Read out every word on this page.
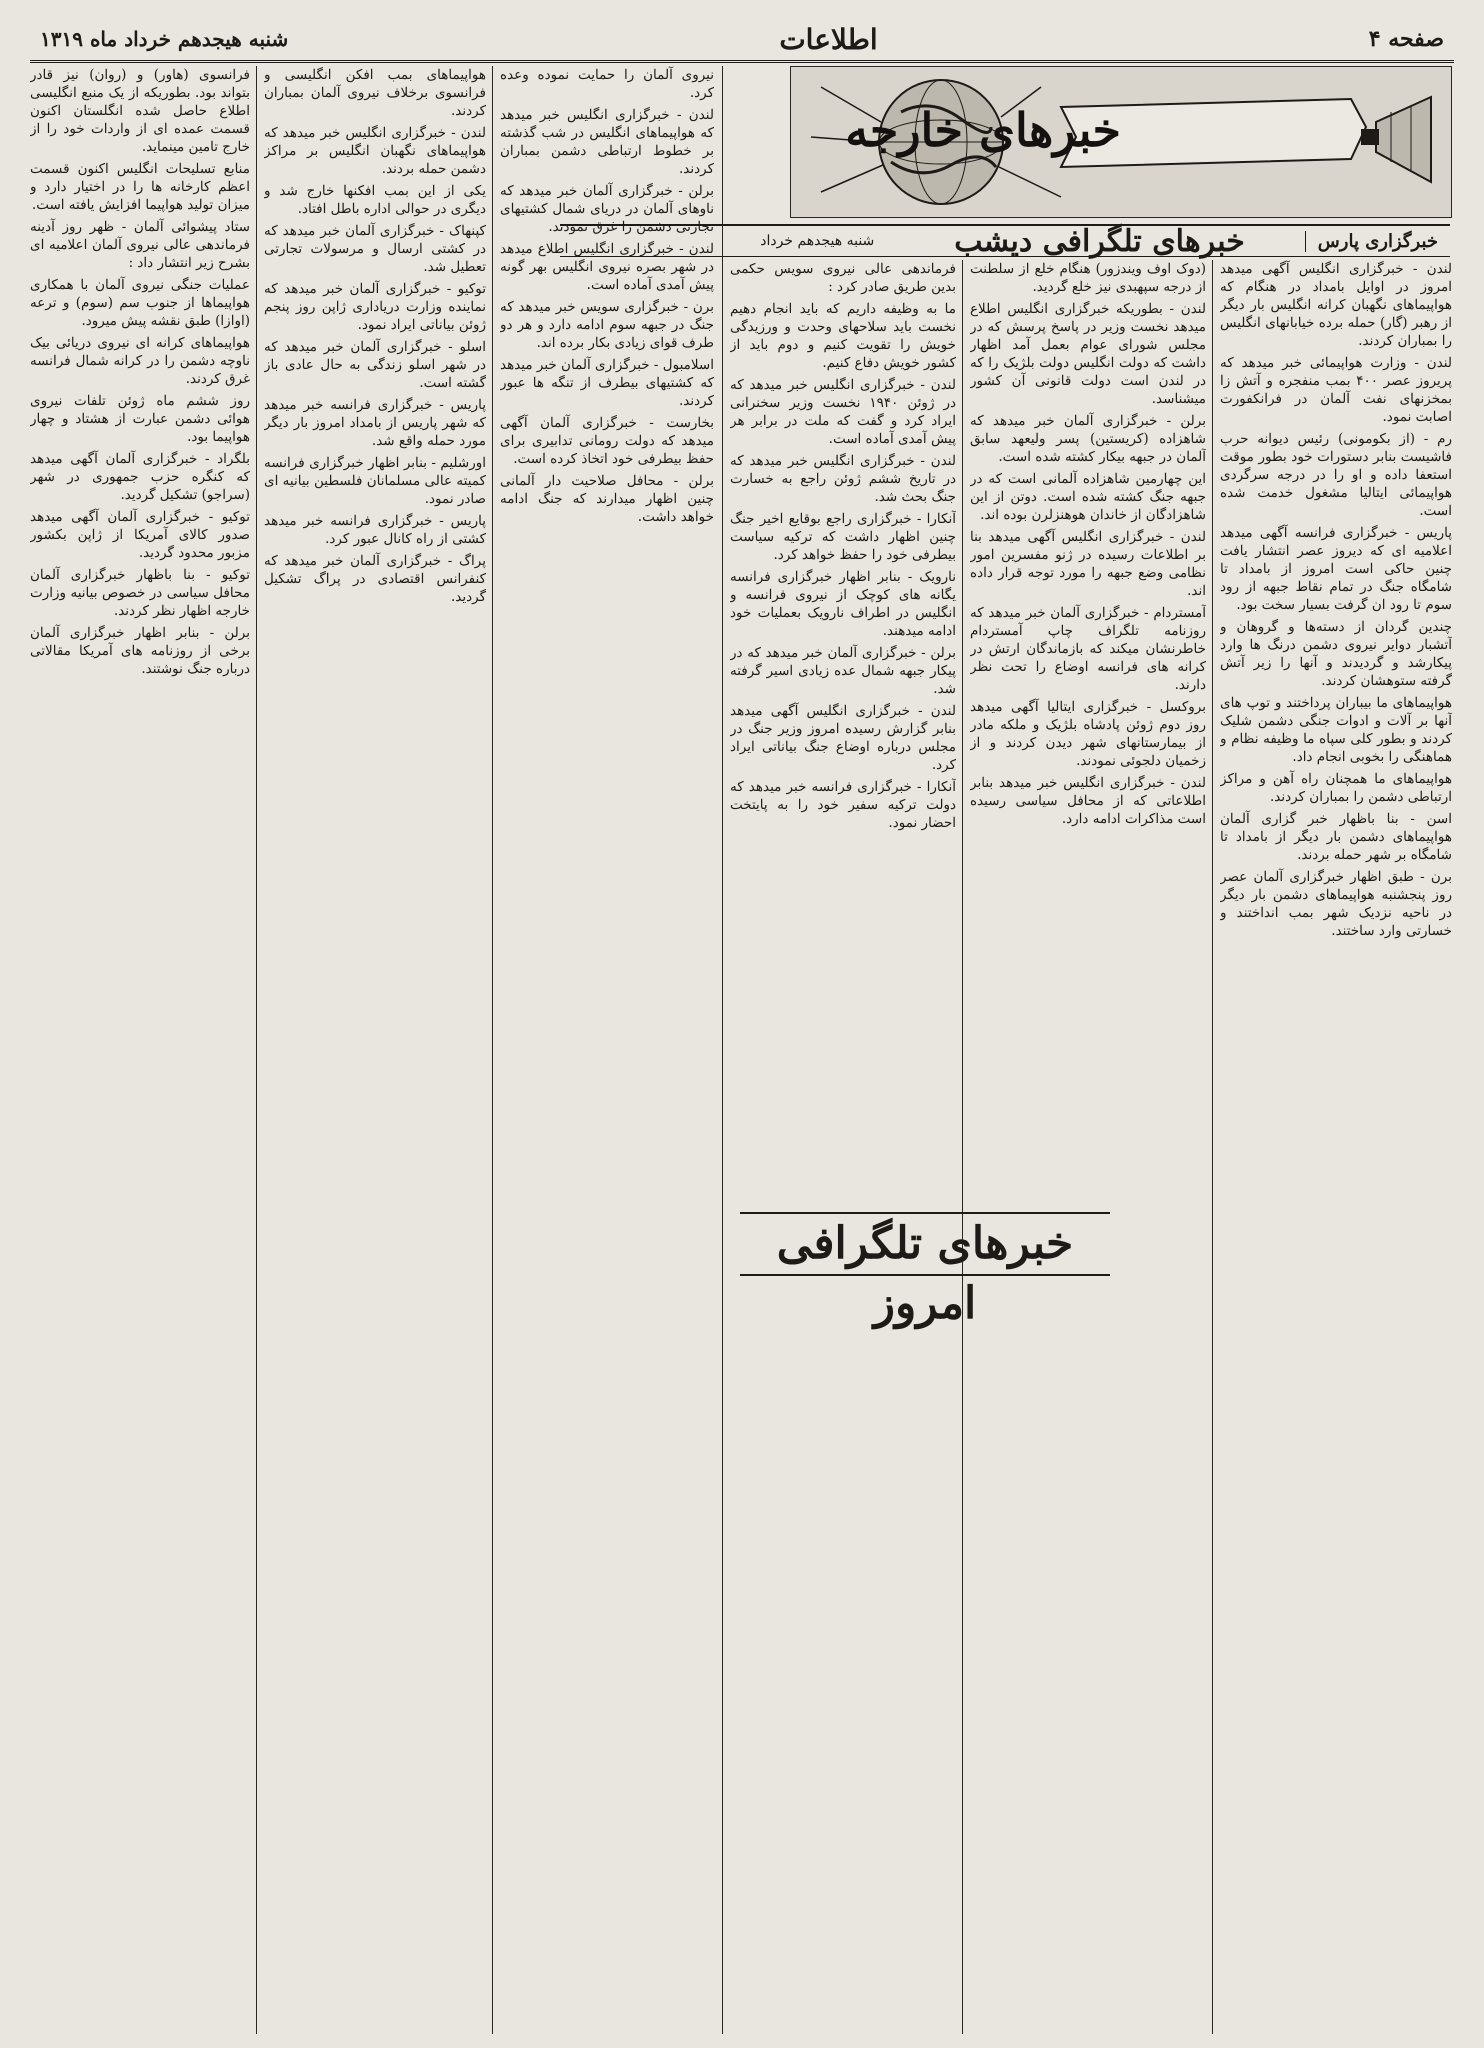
صفحه ۴
اطلاعات
شنبه هیجدهم خرداد ماه ۱۳۱۹
خبرهای خارجه
خبرگزاری پارس
خبرهای تلگرافی دیشب
شنبه هیجدهم خرداد

لندن - خبرگزاری انگلیس آگهی میدهد امروز در اوایل بامداد در هنگام که هواپیماهای نگهبان کرانه انگلیس بار دیگر از رهبر (گار) حمله برده خیابانهای انگلیس را بمباران کردند.

لندن - وزارت هواپیمائی خبر میدهد که پریروز عصر ۴۰۰ بمب منفجره و آتش زا بمخزنهای نفت آلمان در فرانکفورت اصابت نمود.

رم - (از بکومونی) رئیس دیوانه حرب فاشیست بنابر دستورات خود بطور موقت استعفا داده و او را در درجه سرگردی هواپیمائی ایتالیا مشغول خدمت شده است.

پاریس - خبرگزاری فرانسه آگهی میدهد اعلامیه ای که دیروز عصر انتشار یافت چنین حاکی است امروز از بامداد تا شامگاه جنگ در تمام نقاط جبهه از رود سوم تا رود ان گرفت بسیار سخت بود.

چندین گردان از دسته‌ها و گروهان و آتشبار دوایر نیروی دشمن درنگ ها وارد پیکارشد و گردیدند و آنها را زیر آتش گرفته ستوهشان کردند.

هواپیماهای ما بیباران پرداختند و توپ های آنها بر آلات و ادوات جنگی دشمن شلیک کردند و بطور کلی سپاه ما وظیفه نظام و هماهنگی را بخوبی انجام داد.

هواپیماهای ما همچنان راه آهن و مراکز ارتباطی دشمن را بمباران کردند.

اسن - بنا باظهار خبر گزاری آلمان هواپیماهای دشمن بار دیگر از بامداد تا شامگاه بر شهر حمله بردند.

برن - طبق اظهار خبرگزاری آلمان عصر روز پنجشنبه هواپیماهای دشمن بار دیگر در ناحیه نزدیک شهر بمب انداختند و خسارتی وارد ساختند.

(دوک اوف ویندزور) هنگام خلع از سلطنت از درجه سپهبدی نیز خلع گردید.

لندن - بطوریکه خبرگزاری انگلیس اطلاع میدهد نخست وزیر در پاسخ پرسش که در مجلس شورای عوام بعمل آمد اظهار داشت که دولت انگلیس دولت بلژیک را که در لندن است دولت قانونی آن کشور میشناسد.

برلن - خبرگزاری آلمان خبر میدهد که شاهزاده (کریستین) پسر ولیعهد سابق آلمان در جبهه بیکار کشته شده است.

این چهارمین شاهزاده آلمانی است که در جبهه جنگ کشته شده است. دوتن از این شاهزادگان از خاندان هوهنزلرن بوده اند.

لندن - خبرگزاری انگلیس آگهی میدهد بنا بر اطلاعات رسیده در ژنو مفسرین امور نظامی وضع جبهه را مورد توجه قرار داده اند.

آمستردام - خبرگزاری آلمان خبر میدهد که روزنامه تلگراف چاپ آمستردام خاطرنشان میکند که بازماندگان ارتش در کرانه های فرانسه اوضاع را تحت نظر دارند.

بروکسل - خبرگزاری ایتالیا آگهی میدهد روز دوم ژوئن پادشاه بلژیک و ملکه مادر از بیمارستانهای شهر دیدن کردند و از زخمیان دلجوئی نمودند.

لندن - خبرگزاری انگلیس خبر میدهد بنابر اطلاعاتی که از محافل سیاسی رسیده است مذاکرات ادامه دارد.

فرماندهی عالی نیروی سویس حکمی بدین طریق صادر کرد :

ما به وظیفه داریم که باید انجام دهیم نخست باید سلاحهای وحدت و ورزیدگی خویش را تقویت کنیم و دوم باید از کشور خویش دفاع کنیم.

لندن - خبرگزاری انگلیس خبر میدهد که در ژوئن ۱۹۴۰ نخست وزیر سخنرانی ایراد کرد و گفت که ملت در برابر هر پیش آمدی آماده است.

لندن - خبرگزاری انگلیس خبر میدهد که در تاریخ ششم ژوئن راجع به خسارت جنگ بحث شد.

آنکارا - خبرگزاری راجع بوقایع اخیر جنگ چنین اظهار داشت که ترکیه سیاست بیطرفی خود را حفظ خواهد کرد.

نارویک - بنابر اظهار خبرگزاری فرانسه یگانه های کوچک از نیروی فرانسه و انگلیس در اطراف نارویک بعملیات خود ادامه میدهند.

برلن - خبرگزاری آلمان خبر میدهد که در پیکار جبهه شمال عده زیادی اسیر گرفته شد.

لندن - خبرگزاری انگلیس آگهی میدهد بنابر گزارش رسیده امروز وزیر جنگ در مجلس درباره اوضاع جنگ بیاناتی ایراد کرد.

آنکارا - خبرگزاری فرانسه خبر میدهد که دولت ترکیه سفیر خود را به پایتخت احضار نمود.

خبرهای تلگرافی امروز

نیروی آلمان را حمایت نموده وعده کرد.

لندن - خبرگزاری انگلیس خبر میدهد که هواپیماهای انگلیس در شب گذشته بر خطوط ارتباطی دشمن بمباران کردند.

برلن - خبرگزاری آلمان خبر میدهد که ناوهای آلمان در دریای شمال کشتیهای تجارتی دشمن را غرق نمودند.

لندن - خبرگزاری انگلیس اطلاع میدهد در شهر بصره نیروی انگلیس بهر گونه پیش آمدی آماده است.

برن - خبرگزاری سویس خبر میدهد که جنگ در جبهه سوم ادامه دارد و هر دو طرف قوای زیادی بکار برده اند.

اسلامبول - خبرگزاری آلمان خبر میدهد که کشتیهای بیطرف از تنگه ها عبور کردند.

بخارست - خبرگزاری آلمان آگهی میدهد که دولت رومانی تدابیری برای حفظ بیطرفی خود اتخاذ کرده است.

برلن - محافل صلاحیت دار آلمانی چنین اظهار میدارند که جنگ ادامه خواهد داشت.

هواپیماهای بمب افکن انگلیسی و فرانسوی برخلاف نیروی آلمان بمباران کردند.

لندن - خبرگزاری انگلیس خبر میدهد که هواپیماهای نگهبان انگلیس بر مراکز دشمن حمله بردند.

یکی از این بمب افکنها خارج شد و دیگری در حوالی اداره باطل افتاد.

کپنهاک - خبرگزاری آلمان خبر میدهد که در کشتی ارسال و مرسولات تجارتی تعطیل شد.

توکیو - خبرگزاری آلمان خبر میدهد که نماینده وزارت دریاداری ژاپن روز پنجم ژوئن بیاناتی ایراد نمود.

اسلو - خبرگزاری آلمان خبر میدهد که در شهر اسلو زندگی به حال عادی باز گشته است.

پاریس - خبرگزاری فرانسه خبر میدهد که شهر پاریس از بامداد امروز بار دیگر مورد حمله واقع شد.

اورشلیم - بنابر اظهار خبرگزاری فرانسه کمیته عالی مسلمانان فلسطین بیانیه ای صادر نمود.

پاریس - خبرگزاری فرانسه خبر میدهد کشتی از راه کانال عبور کرد.

پراگ - خبرگزاری آلمان خبر میدهد که کنفرانس اقتصادی در پراگ تشکیل گردید.

فرانسوی (هاور) و (روان) نیز قادر بتواند بود. بطوریکه از یک منبع انگلیسی اطلاع حاصل شده انگلستان اکنون قسمت عمده ای از واردات خود را از خارج تامین مینماید.

منابع تسلیحات انگلیس اکنون قسمت اعظم کارخانه ها را در اختیار دارد و میزان تولید هواپیما افزایش یافته است.

ستاد پیشوائی آلمان - ظهر روز آدینه فرماندهی عالی نیروی آلمان اعلامیه ای بشرح زیر انتشار داد :

عملیات جنگی نیروی آلمان با همکاری هواپیماها از جنوب سم (سوم) و ترعه (اوازا) طبق نقشه پیش میرود.

هواپیماهای کرانه ای نیروی دریائی بیک ناوچه دشمن را در کرانه شمال فرانسه غرق کردند.

روز ششم ماه ژوئن تلفات نیروی هوائی دشمن عبارت از هشتاد و چهار هواپیما بود.

بلگراد - خبرگزاری آلمان آگهی میدهد که کنگره حزب جمهوری در شهر (سراجو) تشکیل گردید.

توکیو - خبرگزاری آلمان آگهی میدهد صدور کالای آمریکا از ژاپن بکشور مزبور محدود گردید.

توکیو - بنا باظهار خبرگزاری آلمان محافل سیاسی در خصوص بیانیه وزارت خارجه اظهار نظر کردند.

برلن - بنابر اظهار خبرگزاری آلمان برخی از روزنامه های آمریکا مقالاتی درباره جنگ نوشتند.
